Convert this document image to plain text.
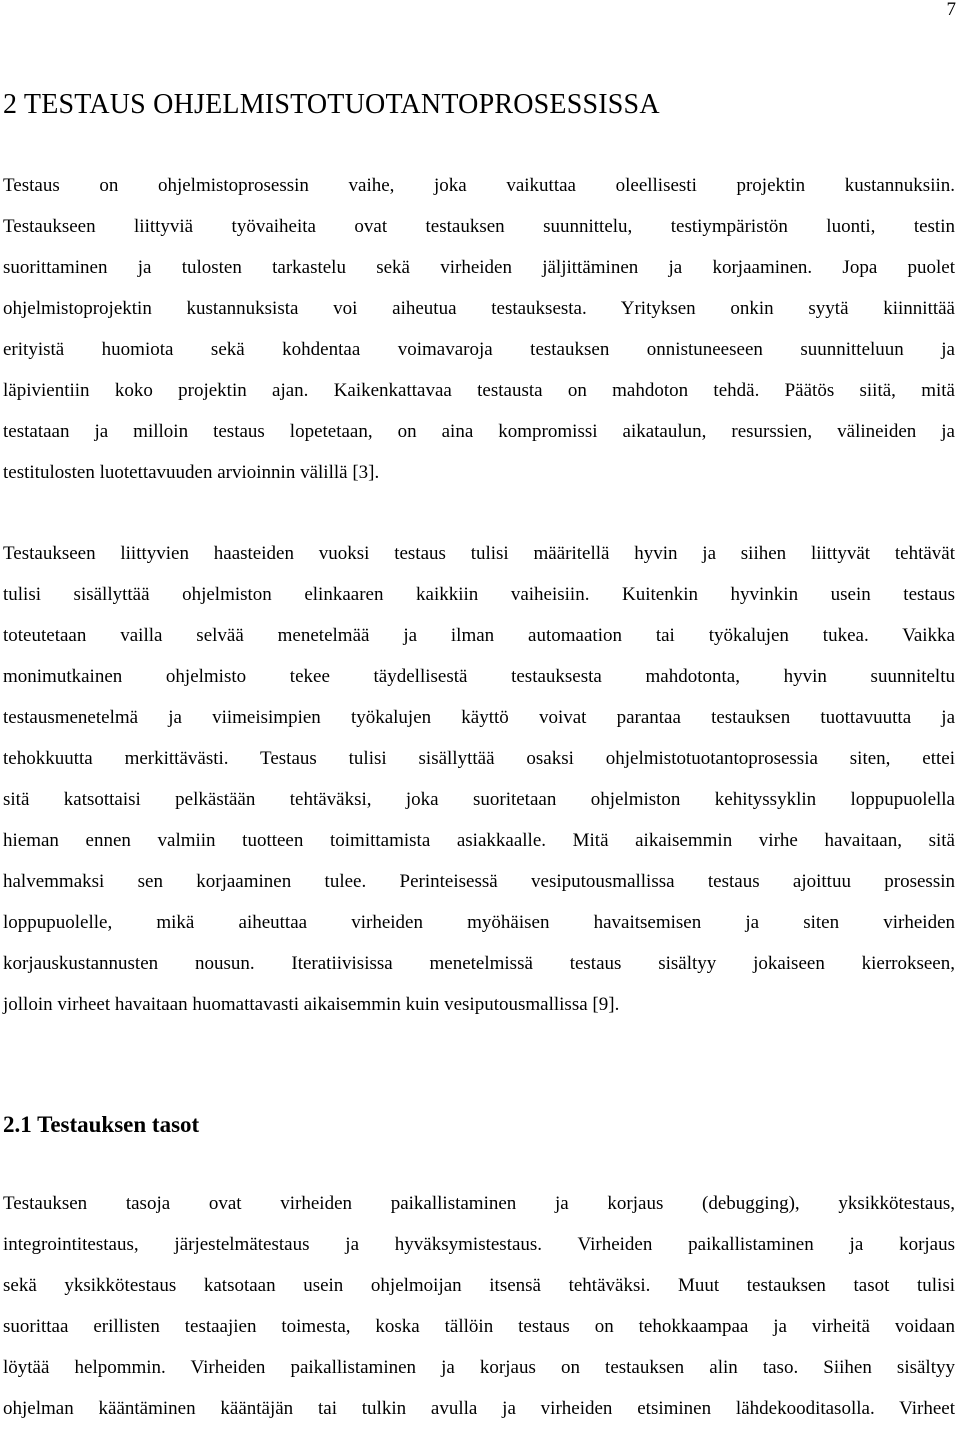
7
2 TESTAUS OHJELMISTOTUOTANTOPROSESSISSA

Testaus on ohjelmistoprosessin vaihe, joka vaikuttaa oleellisesti projektin kustannuksiin.
Testaukseen liittyviä työvaiheita ovat testauksen suunnittelu, testiympäristön luonti, testin
suorittaminen ja tulosten tarkastelu sekä virheiden jäljittäminen ja korjaaminen. Jopa puolet
ohjelmistoprojektin kustannuksista voi aiheutua testauksesta. Yrityksen onkin syytä kiinnittää
erityistä huomiota sekä kohdentaa voimavaroja testauksen onnistuneeseen suunnitteluun ja
läpivientiin koko projektin ajan. Kaikenkattavaa testausta on mahdoton tehdä. Päätös siitä, mitä
testataan ja milloin testaus lopetetaan, on aina kompromissi aikataulun, resurssien, välineiden ja
testitulosten luotettavuuden arvioinnin välillä [3].

Testaukseen liittyvien haasteiden vuoksi testaus tulisi määritellä hyvin ja siihen liittyvät tehtävät
tulisi sisällyttää ohjelmiston elinkaaren kaikkiin vaiheisiin. Kuitenkin hyvinkin usein testaus
toteutetaan vailla selvää menetelmää ja ilman automaation tai työkalujen tukea. Vaikka
monimutkainen ohjelmisto tekee täydellisestä testauksesta mahdotonta, hyvin suunniteltu
testausmenetelmä ja viimeisimpien työkalujen käyttö voivat parantaa testauksen tuottavuutta ja
tehokkuutta merkittävästi. Testaus tulisi sisällyttää osaksi ohjelmistotuotantoprosessia siten, ettei
sitä katsottaisi pelkästään tehtäväksi, joka suoritetaan ohjelmiston kehityssyklin loppupuolella
hieman ennen valmiin tuotteen toimittamista asiakkaalle. Mitä aikaisemmin virhe havaitaan, sitä
halvemmaksi sen korjaaminen tulee. Perinteisessä vesiputousmallissa testaus ajoittuu prosessin
loppupuolelle, mikä aiheuttaa virheiden myöhäisen havaitsemisen ja siten virheiden
korjauskustannusten nousun. Iteratiivisissa menetelmissä testaus sisältyy jokaiseen kierrokseen,
jolloin virheet havaitaan huomattavasti aikaisemmin kuin vesiputousmallissa [9].

2.1 Testauksen tasot

Testauksen tasoja ovat virheiden paikallistaminen ja korjaus (debugging), yksikkötestaus,
integrointitestaus, järjestelmätestaus ja hyväksymistestaus. Virheiden paikallistaminen ja korjaus
sekä yksikkötestaus katsotaan usein ohjelmoijan itsensä tehtäväksi. Muut testauksen tasot tulisi
suorittaa erillisten testaajien toimesta, koska tällöin testaus on tehokkaampaa ja virheitä voidaan
löytää helpommin. Virheiden paikallistaminen ja korjaus on testauksen alin taso. Siihen sisältyy
ohjelman kääntäminen kääntäjän tai tulkin avulla ja virheiden etsiminen lähdekooditasolla. Virheet
